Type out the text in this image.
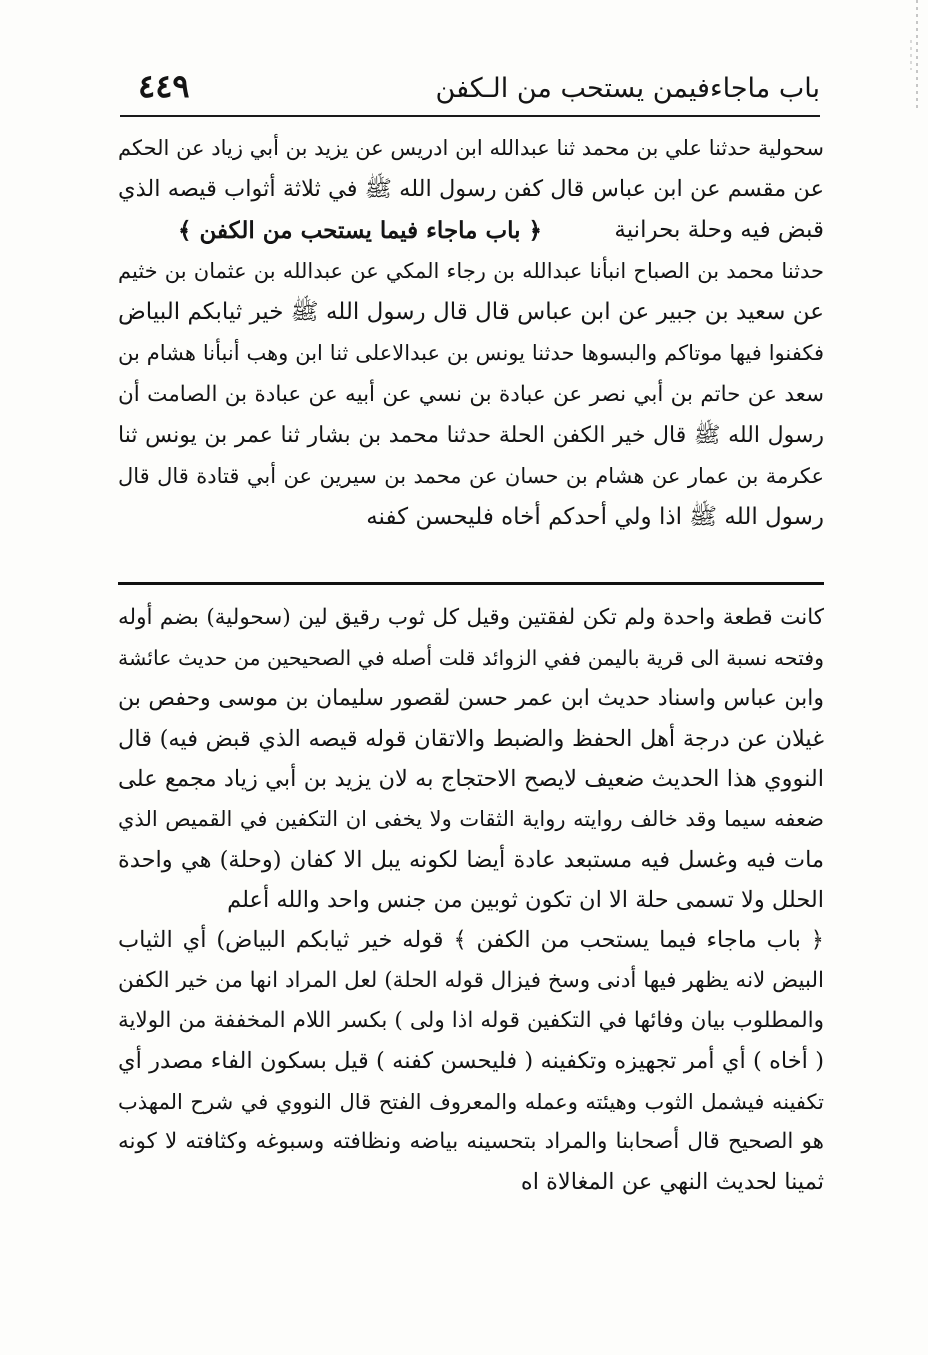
باب ماجاءفيمن يستحب من الـكفن
٤٤٩
سحولية حدثنا علي بن محمد ثنا عبدالله ابن ادريس عن يزيد بن أبي زياد عن الحكم
عن مقسم عن ابن عباس قال كفن رسول الله ﷺ في ثلاثة أثواب قيصه الذي
قبض فيه وحلة بحرانية
﴿ باب ماجاء فيما يستحب من الكفن ﴾
حدثنا محمد بن الصباح انبأنا عبدالله بن رجاء المكي عن عبدالله بن عثمان بن خثيم
عن سعيد بن جبير عن ابن عباس قال قال رسول الله ﷺ خير ثيابكم البياض
فكفنوا فيها موتاكم والبسوها حدثنا يونس بن عبدالاعلى ثنا ابن وهب أنبأنا هشام بن
سعد عن حاتم بن أبي نصر عن عبادة بن نسي عن أبيه عن عبادة بن الصامت أن
رسول الله ﷺ قال خير الكفن الحلة حدثنا محمد بن بشار ثنا عمر بن يونس ثنا
عكرمة بن عمار عن هشام بن حسان عن محمد بن سيرين عن أبي قتادة قال قال
رسول الله ﷺ اذا ولي أحدكم أخاه فليحسن كفنه
كانت قطعة واحدة ولم تكن لفقتين وقيل كل ثوب رقيق لين (سحولية) بضم أوله
وفتحه نسبة الى قرية باليمن ففي الزوائد قلت أصله في الصحيحين من حديث عائشة
وابن عباس واسناد حديث ابن عمر حسن لقصور سليمان بن موسى وحفص بن
غيلان عن درجة أهل الحفظ والضبط والاتقان قوله قيصه الذي قبض فيه) قال
النووي هذا الحديث ضعيف لايصح الاحتجاج به لان يزيد بن أبي زياد مجمع على
ضعفه سيما وقد خالف روايته رواية الثقات ولا يخفى ان التكفين في القميص الذي
مات فيه وغسل فيه مستبعد عادة أيضا لكونه يبل الا كفان (وحلة) هي واحدة
الحلل ولا تسمى حلة الا ان تكون ثوبين من جنس واحد والله أعلم
﴿ باب ماجاء فيما يستحب من الكفن ﴾ قوله خير ثيابكم البياض) أي الثياب
البيض لانه يظهر فيها أدنى وسخ فيزال قوله الحلة) لعل المراد انها من خير الكفن
والمطلوب بيان وفائها في التكفين قوله اذا ولى ) بكسر اللام المخففة من الولاية
( أخاه ) أي أمر تجهيزه وتكفينه ( فليحسن كفنه ) قيل بسكون الفاء مصدر أي
تكفينه فيشمل الثوب وهيئته وعمله والمعروف الفتح قال النووي في شرح المهذب
هو الصحيح قال أصحابنا والمراد بتحسينه بياضه ونظافته وسبوغه وكثافته لا كونه
ثمينا لحديث النهي عن المغالاة اه
